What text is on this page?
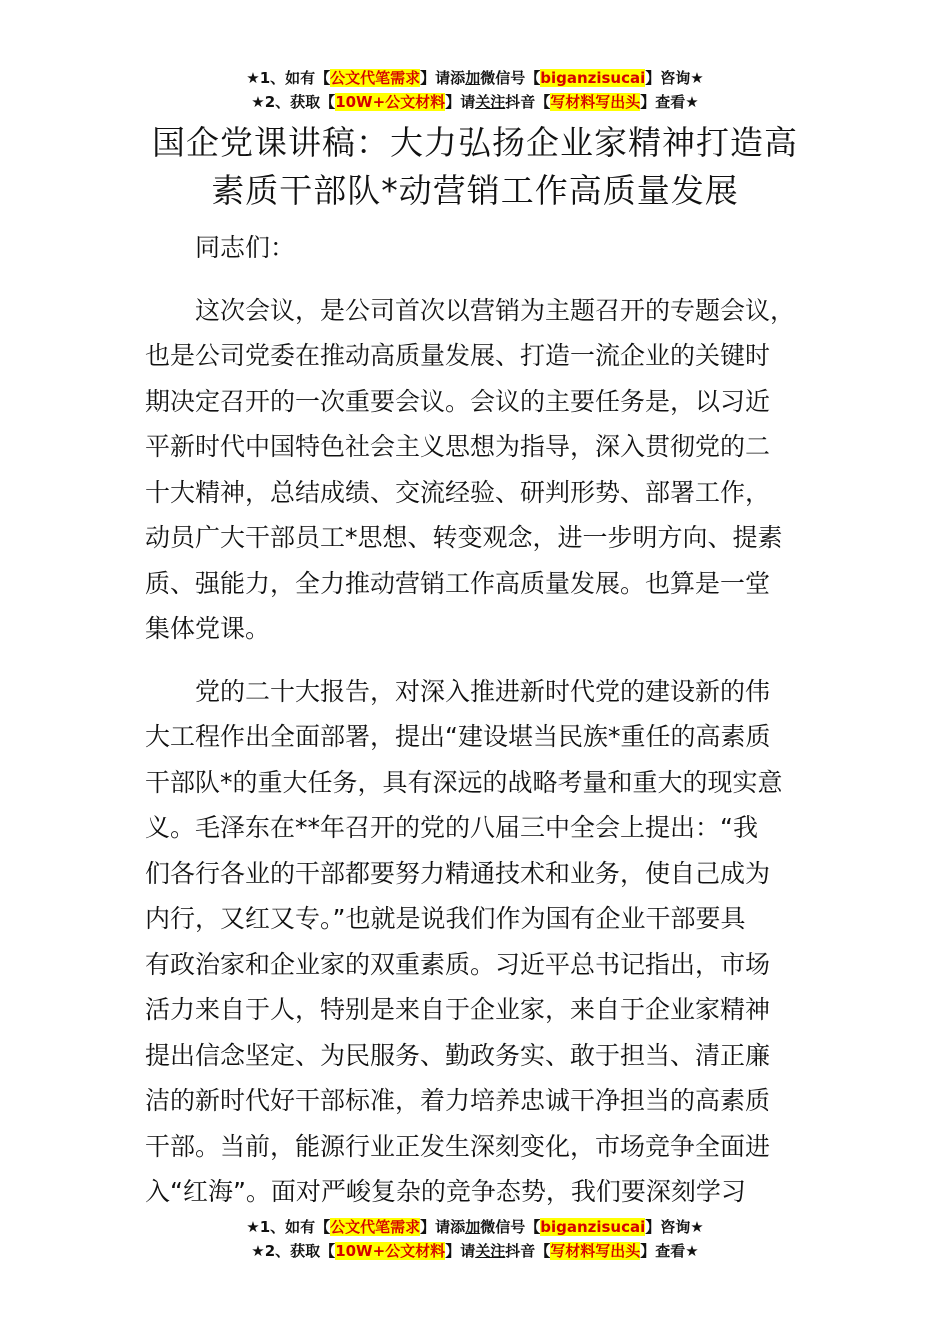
★1、如有【公文代笔需求】请添加微信号【biganzisucai】咨询★
★2、获取【10W+公文材料】请关注抖音【写材料写出头】查看★
国企党课讲稿：大力弘扬企业家精神打造高
素质干部队*动营销工作高质量发展

同志们：

这次会议，是公司首次以营销为主题召开的专题会议，
也是公司党委在推动高质量发展、打造一流企业的关键时
期决定召开的一次重要会议。会议的主要任务是，以习近
平新时代中国特色社会主义思想为指导，深入贯彻党的二
十大精神，总结成绩、交流经验、研判形势、部署工作，
动员广大干部员工*思想、转变观念，进一步明方向、提素
质、强能力，全力推动营销工作高质量发展。也算是一堂
集体党课。

党的二十大报告，对深入推进新时代党的建设新的伟
大工程作出全面部署，提出“建设堪当民族*重任的高素质
干部队*的重大任务，具有深远的战略考量和重大的现实意
义。毛泽东在**年召开的党的八届三中全会上提出：“我
们各行各业的干部都要努力精通技术和业务，使自己成为
内行，又红又专。”也就是说我们作为国有企业干部要具
有政治家和企业家的双重素质。习近平总书记指出，市场
活力来自于人，特别是来自于企业家，来自于企业家精神
提出信念坚定、为民服务、勤政务实、敢于担当、清正廉
洁的新时代好干部标准，着力培养忠诚干净担当的高素质
干部。当前，能源行业正发生深刻变化，市场竞争全面进
入“红海”。面对严峻复杂的竞争态势，我们要深刻学习

★1、如有【公文代笔需求】请添加微信号【biganzisucai】咨询★
★2、获取【10W+公文材料】请关注抖音【写材料写出头】查看★
